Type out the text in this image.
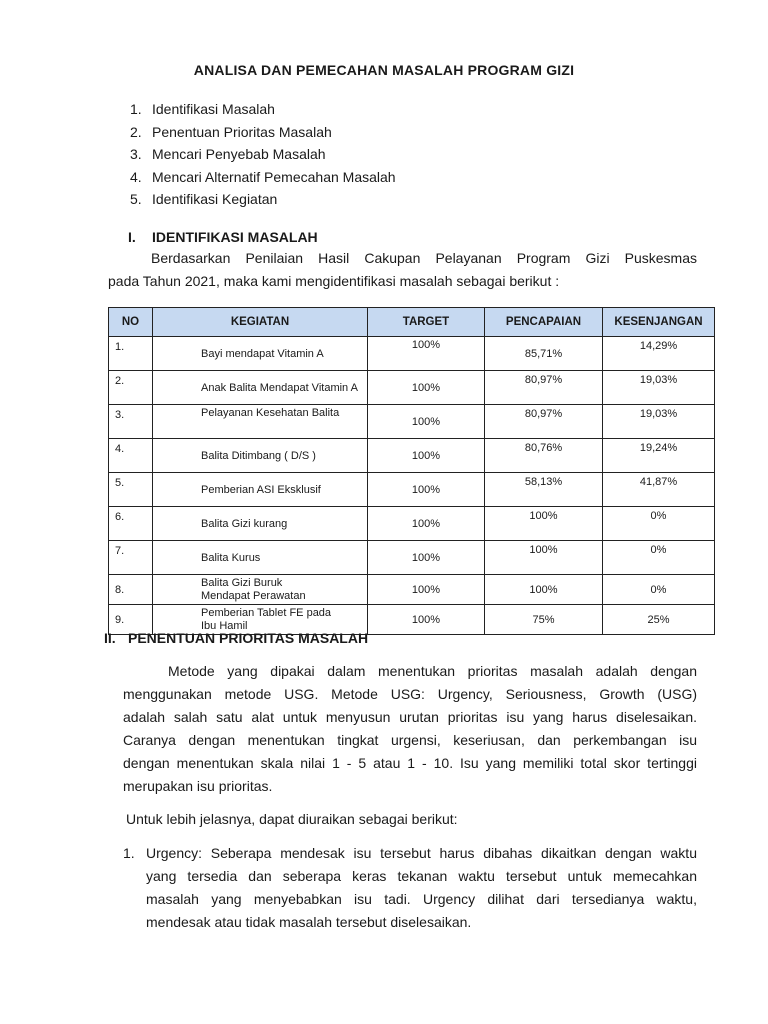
ANALISA DAN PEMECAHAN MASALAH PROGRAM GIZI
1. Identifikasi Masalah
2. Penentuan Prioritas Masalah
3. Mencari Penyebab Masalah
4. Mencari Alternatif Pemecahan Masalah
5. Identifikasi Kegiatan
I. IDENTIFIKASI MASALAH
Berdasarkan Penilaian Hasil Cakupan Pelayanan Program Gizi Puskesmas
pada Tahun 2021, maka kami mengidentifikasi masalah sebagai berikut :
NO	KEGIATAN	TARGET	PENCAPAIAN	KESENJANGAN
1.	Bayi mendapat Vitamin A	100%	85,71%	14,29%
2.	Anak Balita Mendapat Vitamin A	100%	80,97%	19,03%
3.	Pelayanan Kesehatan Balita	100%	80,97%	19,03%
4.	Balita Ditimbang ( D/S )	100%	80,76%	19,24%
5.	Pemberian ASI Eksklusif	100%	58,13%	41,87%
6.	Balita Gizi kurang	100%	100%	0%
7.	Balita Kurus	100%	100%	0%
8.	Balita Gizi Buruk Mendapat Perawatan	100%	100%	0%
9.	Pemberian Tablet FE pada Ibu Hamil	100%	75%	25%
II. PENENTUAN PRIORITAS MASALAH
Metode yang dipakai dalam menentukan prioritas masalah adalah dengan
menggunakan metode USG. Metode USG: Urgency, Seriousness, Growth (USG)
adalah salah satu alat untuk menyusun urutan prioritas isu yang harus diselesaikan.
Caranya dengan menentukan tingkat urgensi, keseriusan, dan perkembangan isu
dengan menentukan skala nilai 1 - 5 atau 1 - 10. Isu yang memiliki total skor tertinggi
merupakan isu prioritas.
Untuk lebih jelasnya, dapat diuraikan sebagai berikut:
1. Urgency: Seberapa mendesak isu tersebut harus dibahas dikaitkan dengan waktu
yang tersedia dan seberapa keras tekanan waktu tersebut untuk memecahkan
masalah yang menyebabkan isu tadi. Urgency dilihat dari tersedianya waktu,
mendesak atau tidak masalah tersebut diselesaikan.
